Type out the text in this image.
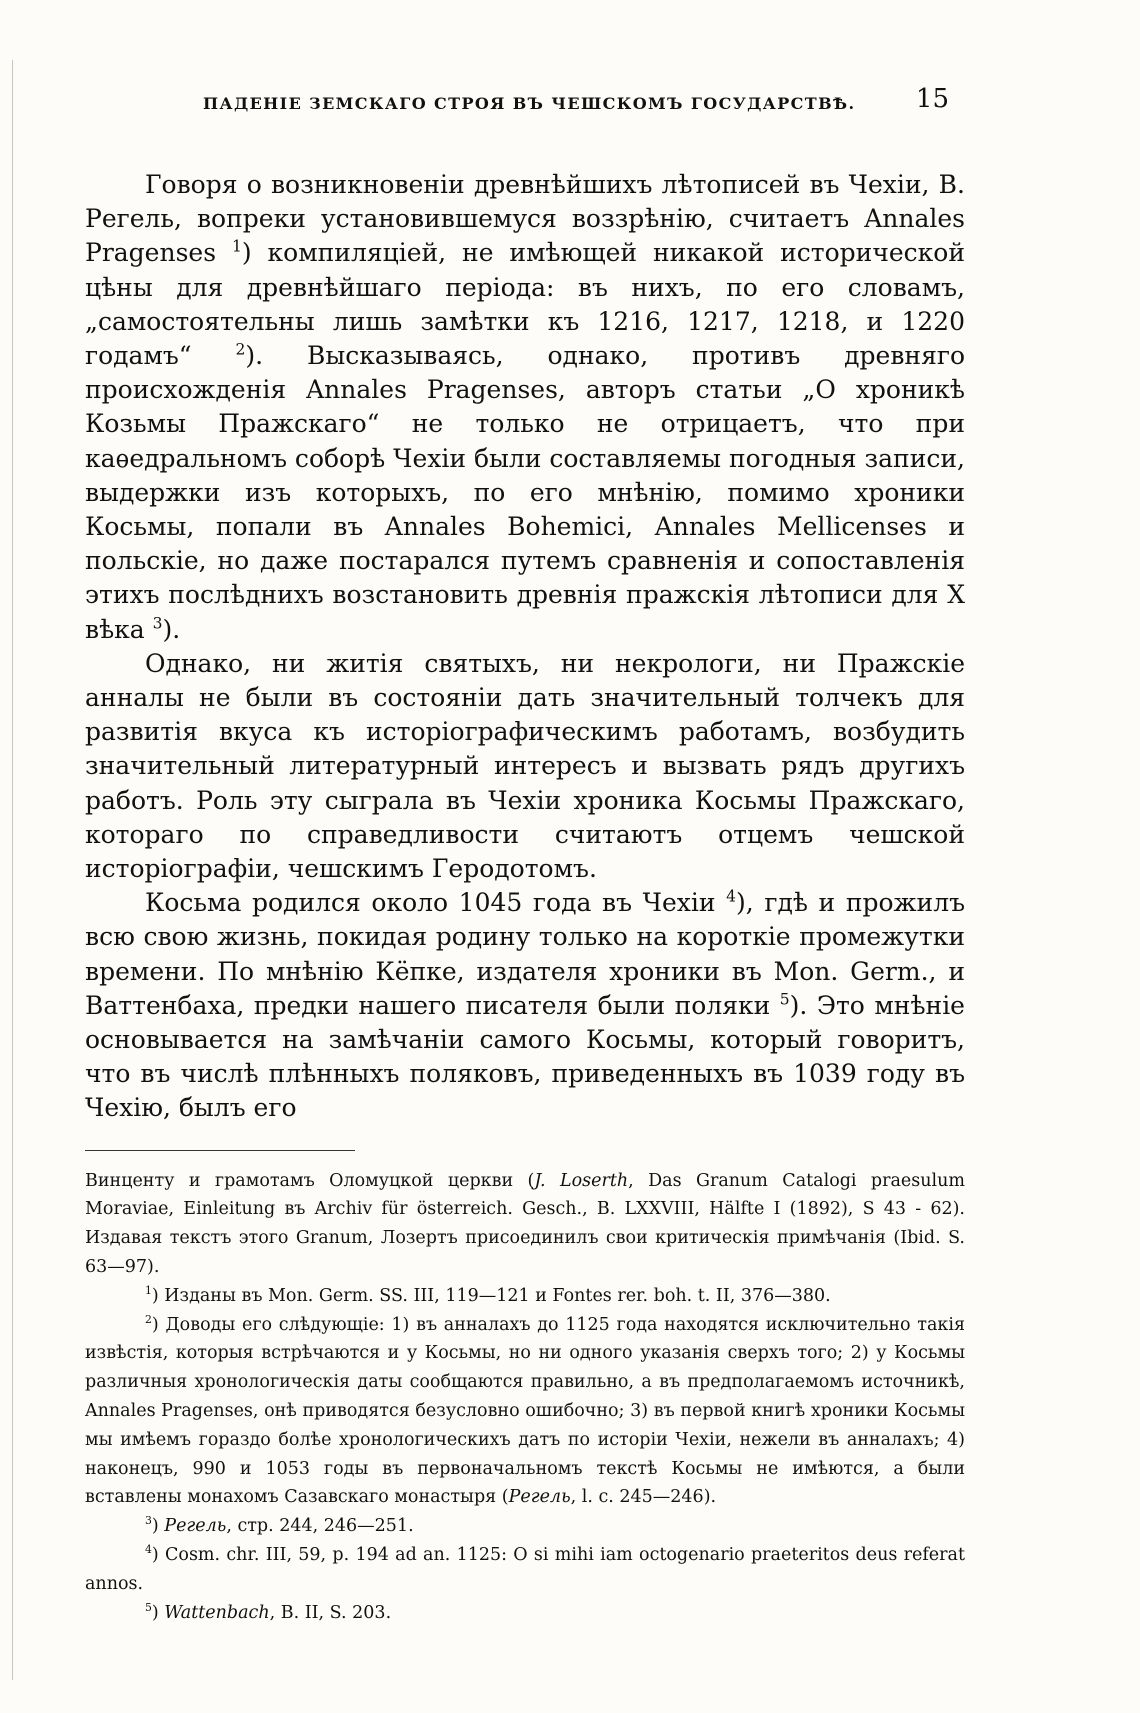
ПАДЕНІЕ ЗЕМСКАГО СТРОЯ ВЪ ЧЕШСКОМЪ ГОСУДАРСТВѢ. 15

Говоря о возникновеніи древнѣйшихъ лѣтописей въ Чехіи, В. Регель, вопреки установившемуся воззрѣнію, считаетъ Annales Pragenses $^1$) компиляціей, не имѣющей никакой исторической цѣны для древнѣйшаго періода: въ нихъ, по его словамъ, „самостоятельны лишь замѣтки къ 1216, 1217, 1218, и 1220 годамъ“ $^2$). Высказываясь, однако, противъ древняго происхожденія Annales Pragenses, авторъ статьи „О хроникѣ Козьмы Пражскаго“ не только не отрицаетъ, что при каѳедральномъ соборѣ Чехіи были составляемы погодныя записи, выдержки изъ которыхъ, по его мнѣнію, помимо хроники Косьмы, попали въ Annales Bohemici, Annales Mellicenses и польскіе, но даже постарался путемъ сравненія и сопоставленія этихъ послѣднихъ возстановить древнія пражскія лѣтописи для X вѣка $^3$).

Однако, ни житія святыхъ, ни некрологи, ни Пражскіе анналы не были въ состояніи дать значительный толчекъ для развитія вкуса къ исторіографическимъ работамъ, возбудить значительный литературный интересъ и вызвать рядъ другихъ работъ. Роль эту сыграла въ Чехіи хроника Косьмы Пражскаго, котораго по справедливости считаютъ отцемъ чешской исторіографіи, чешскимъ Геродотомъ.

Косьма родился около 1045 года въ Чехіи $^4$), гдѣ и прожилъ всю свою жизнь, покидая родину только на короткіе промежутки времени. По мнѣнію Кёпке, издателя хроники въ Mon. Germ., и Ваттенбаха, предки нашего писателя были поляки $^5$). Это мнѣніе основывается на замѣчаніи самого Косьмы, который говоритъ, что въ числѣ плѣнныхъ поляковъ, приведенныхъ въ 1039 году въ Чехію, былъ его

Винценту и грамотамъ Оломуцкой церкви (J. Loserth, Das Granum Catalogi praesulum Moraviae, Einleitung въ Archiv für österreich. Gesch., B. LXXVIII, Hälfte I (1892), S 43 - 62). Издавая текстъ этого Granum, Лозертъ присоединилъ свои критическія примѣчанія (Ibid. S. 63—97).

$^1$) Изданы въ Mon. Germ. SS. III, 119—121 и Fontes rer. boh. t. II, 376—380.

$^2$) Доводы его слѣдующіе: 1) въ анналахъ до 1125 года находятся исключительно такія извѣстія, которыя встрѣчаются и у Косьмы, но ни одного указанія сверхъ того; 2) у Косьмы различныя хронологическія даты сообщаются правильно, а въ предполагаемомъ источникѣ, Annales Pragenses, онѣ приводятся безусловно ошибочно; 3) въ первой книгѣ хроники Косьмы мы имѣемъ гораздо болѣе хронологическихъ датъ по исторіи Чехіи, нежели въ анналахъ; 4) наконецъ, 990 и 1053 годы въ первоначальномъ текстѣ Косьмы не имѣются, а были вставлены монахомъ Сазавскаго монастыря (Регель, l. c. 245—246).

$^3$) Регель, стр. 244, 246—251.

$^4$) Cosm. chr. III, 59, p. 194 ad an. 1125: O si mihi iam octogenario praeteritos deus referat annos.

$^5$) Wattenbach, B. II, S. 203.
